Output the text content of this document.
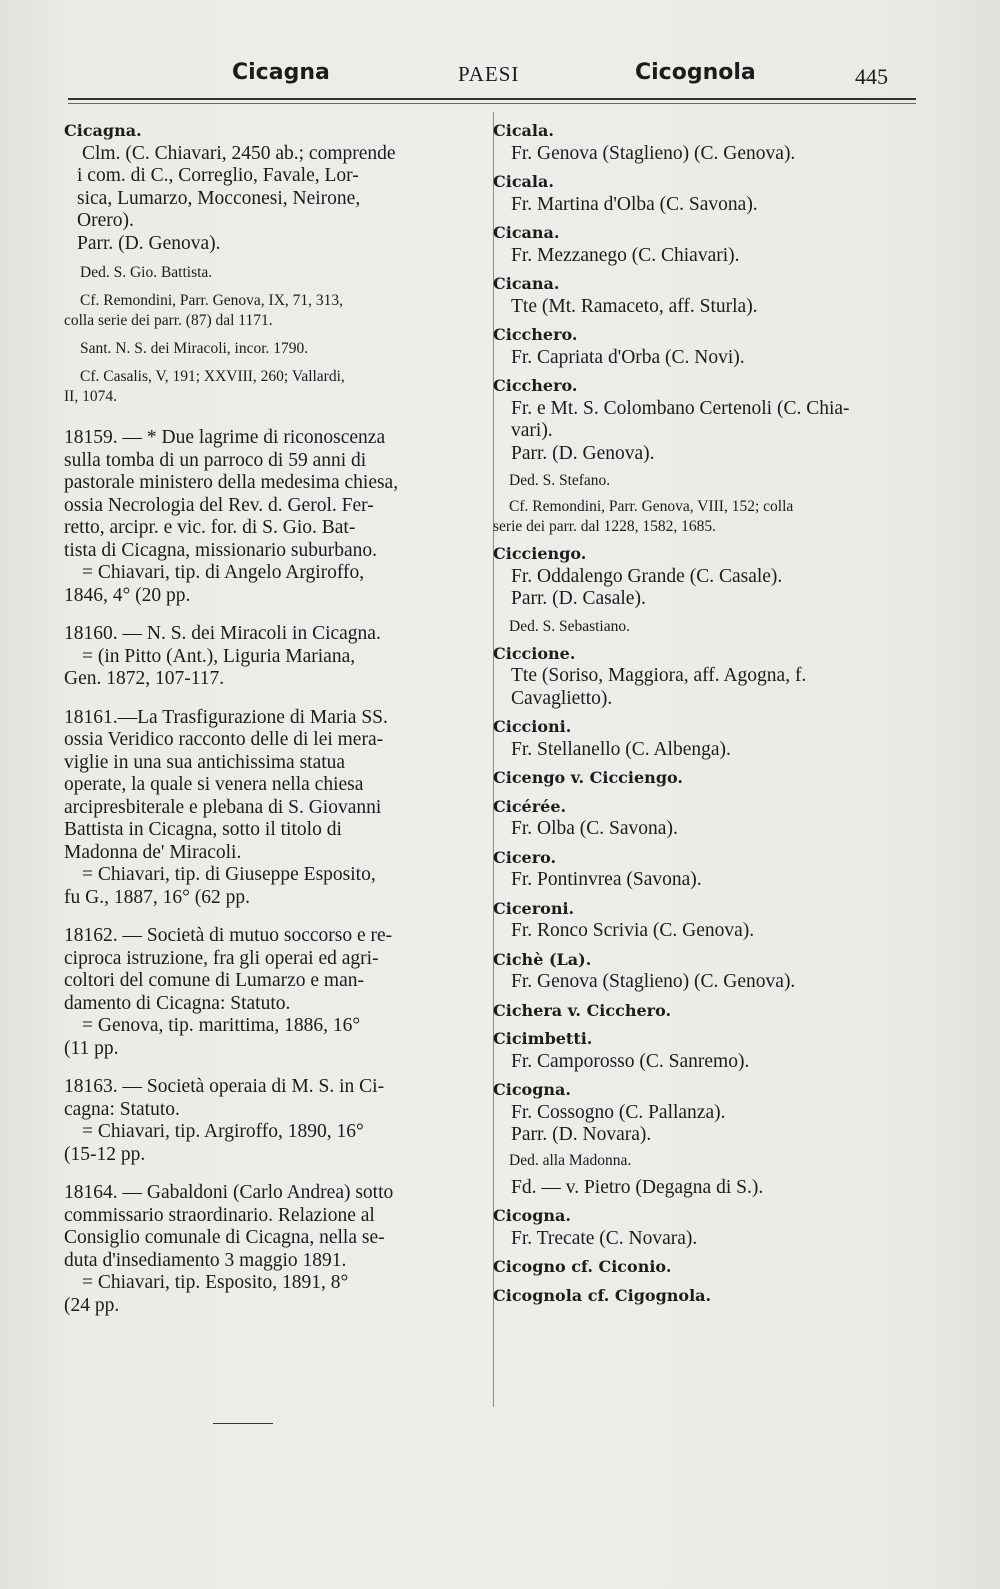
Cicagna	PAESI	Cicognola	445
Cicagna.
Clm. (C. Chiavari, 2450 ab.; comprende
i com. di C., Correglio, Favale, Lor-
sica, Lumarzo, Mocconesi, Neirone,
Orero).
Parr. (D. Genova).
Ded. S. Gio. Battista.
Cf. Remondini, Parr. Genova, IX, 71, 313,
colla serie dei parr. (87) dal 1171.
Sant. N. S. dei Miracoli, incor. 1790.
Cf. Casalis, V, 191; XXVIII, 260; Vallardi,
II, 1074.
18159. — * Due lagrime di riconoscenza
sulla tomba di un parroco di 59 anni di
pastorale ministero della medesima chiesa,
ossia Necrologia del Rev. d. Gerol. Fer-
retto, arcipr. e vic. for. di S. Gio. Bat-
tista di Cicagna, missionario suburbano.
= Chiavari, tip. di Angelo Argiroffo,
1846, 4° (20 pp.
18160. — N. S. dei Miracoli in Cicagna.
= (in Pitto (Ant.), Liguria Mariana,
Gen. 1872, 107-117.
18161.—La Trasfigurazione di Maria SS.
ossia Veridico racconto delle di lei mera-
viglie in una sua antichissima statua
operate, la quale si venera nella chiesa
arcipresbiterale e plebana di S. Giovanni
Battista in Cicagna, sotto il titolo di
Madonna de' Miracoli.
= Chiavari, tip. di Giuseppe Esposito,
fu G., 1887, 16° (62 pp.
18162. — Società di mutuo soccorso e re-
ciproca istruzione, fra gli operai ed agri-
coltori del comune di Lumarzo e man-
damento di Cicagna: Statuto.
= Genova, tip. marittima, 1886, 16°
(11 pp.
18163. — Società operaia di M. S. in Ci-
cagna: Statuto.
= Chiavari, tip. Argiroffo, 1890, 16°
(15-12 pp.
18164. — Gabaldoni (Carlo Andrea) sotto
commissario straordinario. Relazione al
Consiglio comunale di Cicagna, nella se-
duta d'insediamento 3 maggio 1891.
= Chiavari, tip. Esposito, 1891, 8°
(24 pp.
Cicala.
Fr. Genova (Staglieno) (C. Genova).
Cicala.
Fr. Martina d'Olba (C. Savona).
Cicana.
Fr. Mezzanego (C. Chiavari).
Cicana.
Tte (Mt. Ramaceto, aff. Sturla).
Cicchero.
Fr. Capriata d'Orba (C. Novi).
Cicchero.
Fr. e Mt. S. Colombano Certenoli (C. Chia-
vari).
Parr. (D. Genova).
Ded. S. Stefano.
Cf. Remondini, Parr. Genova, VIII, 152; colla
serie dei parr. dal 1228, 1582, 1685.
Cicciengo.
Fr. Oddalengo Grande (C. Casale).
Parr. (D. Casale).
Ded. S. Sebastiano.
Ciccione.
Tte (Soriso, Maggiora, aff. Agogna, f.
Cavaglietto).
Ciccioni.
Fr. Stellanello (C. Albenga).
Cicengo v. Cicciengo.
Cicérée.
Fr. Olba (C. Savona).
Cicero.
Fr. Pontinvrea (Savona).
Ciceroni.
Fr. Ronco Scrivia (C. Genova).
Cichè (La).
Fr. Genova (Staglieno) (C. Genova).
Cichera v. Cicchero.
Cicimbetti.
Fr. Camporosso (C. Sanremo).
Cicogna.
Fr. Cossogno (C. Pallanza).
Parr. (D. Novara).
Ded. alla Madonna.
Fd. — v. Pietro (Degagna di S.).
Cicogna.
Fr. Trecate (C. Novara).
Cicogno cf. Ciconio.
Cicognola cf. Cigognola.
